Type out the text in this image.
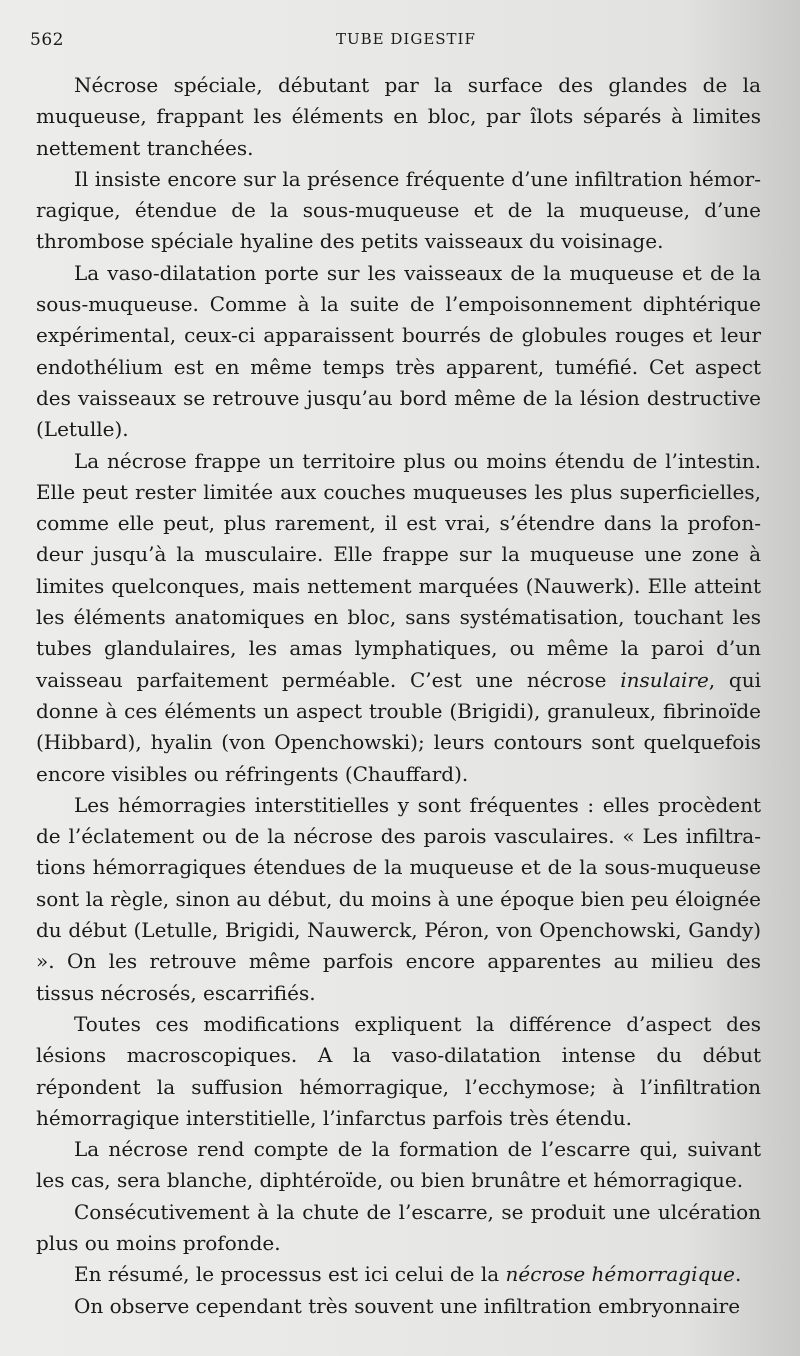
562	TUBE DIGESTIF

Nécrose spéciale, débutant par la surface des glandes de la muqueuse, frappant les éléments en bloc, par îlots séparés à limites nettement tranchées.

Il insiste encore sur la présence fréquente d’une infiltration hémorragique, étendue de la sous-muqueuse et de la muqueuse, d’une thrombose spéciale hyaline des petits vaisseaux du voisinage.

La vaso-dilatation porte sur les vaisseaux de la muqueuse et de la sous-muqueuse. Comme à la suite de l’empoisonnement diphtérique expérimental, ceux-ci apparaissent bourrés de globules rouges et leur endothélium est en même temps très apparent, tuméfié. Cet aspect des vaisseaux se retrouve jusqu’au bord même de la lésion destructive (Letulle).

La nécrose frappe un territoire plus ou moins étendu de l’intestin. Elle peut rester limitée aux couches muqueuses les plus superficielles, comme elle peut, plus rarement, il est vrai, s’étendre dans la profondeur jusqu’à la musculaire. Elle frappe sur la muqueuse une zone à limites quelconques, mais nettement marquées (Nauwerk). Elle atteint les éléments anatomiques en bloc, sans systématisation, touchant les tubes glandulaires, les amas lymphatiques, ou même la paroi d’un vaisseau parfaitement perméable. C’est une nécrose insulaire, qui donne à ces éléments un aspect trouble (Brigidi), granuleux, fibrinoïde (Hibbard), hyalin (von Openchowski); leurs contours sont quelquefois encore visibles ou réfringents (Chauffard).

Les hémorragies interstitielles y sont fréquentes : elles procèdent de l’éclatement ou de la nécrose des parois vasculaires. « Les infiltrations hémorragiques étendues de la muqueuse et de la sous-muqueuse sont la règle, sinon au début, du moins à une époque bien peu éloignée du début (Letulle, Brigidi, Nauwerck, Péron, von Openchowski, Gandy) ». On les retrouve même parfois encore apparentes au milieu des tissus nécrosés, escarrifiés.

Toutes ces modifications expliquent la différence d’aspect des lésions macroscopiques. A la vaso-dilatation intense du début répondent la suffusion hémorragique, l’ecchymose; à l’infiltration hémorragique interstitielle, l’infarctus parfois très étendu.

La nécrose rend compte de la formation de l’escarre qui, suivant les cas, sera blanche, diphtéroïde, ou bien brunâtre et hémorragique.

Consécutivement à la chute de l’escarre, se produit une ulcération plus ou moins profonde.

En résumé, le processus est ici celui de la nécrose hémorragique.

On observe cependant très souvent une infiltration embryonnaire
